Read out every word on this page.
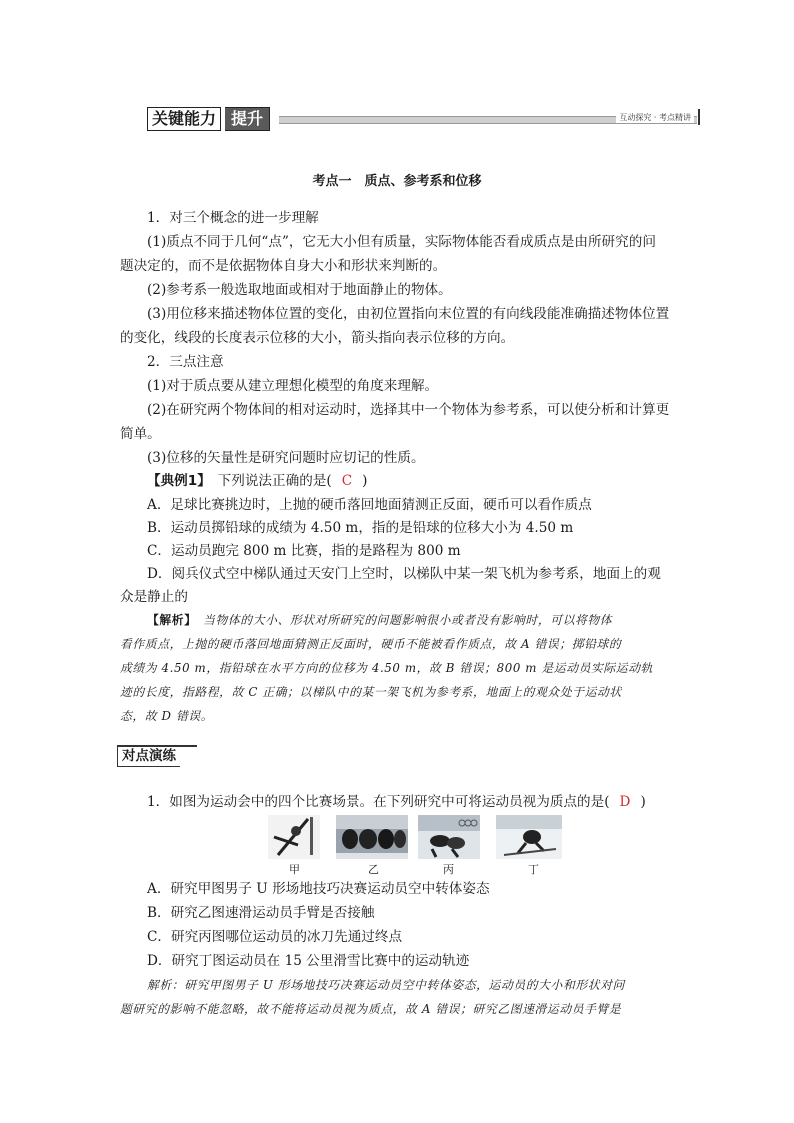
关键能力 提升	互动探究 · 考点精讲
考点一　质点、参考系和位移
1．对三个概念的进一步理解
(1)质点不同于几何“点”，它无大小但有质量，实际物体能否看成质点是由所研究的问
题决定的，而不是依据物体自身大小和形状来判断的。
(2)参考系一般选取地面或相对于地面静止的物体。
(3)用位移来描述物体位置的变化，由初位置指向末位置的有向线段能准确描述物体位置
的变化，线段的长度表示位移的大小，箭头指向表示位移的方向。
2．三点注意
(1)对于质点要从建立理想化模型的角度来理解。
(2)在研究两个物体间的相对运动时，选择其中一个物体为参考系，可以使分析和计算更
简单。
(3)位移的矢量性是研究问题时应切记的性质。
【典例1】　下列说法正确的是( C )
A．足球比赛挑边时，上抛的硬币落回地面猜测正反面，硬币可以看作质点
B．运动员掷铅球的成绩为 4.50 m，指的是铅球的位移大小为 4.50 m
C．运动员跑完 800 m 比赛，指的是路程为 800 m
D．阅兵仪式空中梯队通过天安门上空时，以梯队中某一架飞机为参考系，地面上的观
众是静止的
【解析】　当物体的大小、形状对所研究的问题影响很小或者没有影响时，可以将物体
看作质点，上抛的硬币落回地面猜测正反面时，硬币不能被看作质点，故 A 错误；掷铅球的
成绩为 4.50 m，指铅球在水平方向的位移为 4.50 m，故 B 错误；800 m 是运动员实际运动轨
迹的长度，指路程，故 C 正确；以梯队中的某一架飞机为参考系，地面上的观众处于运动状
态，故 D 错误。
对点演练
1．如图为运动会中的四个比赛场景。在下列研究中可将运动员视为质点的是( D )
甲	乙	丙	丁
A．研究甲图男子 U 形场地技巧决赛运动员空中转体姿态
B．研究乙图速滑运动员手臂是否接触
C．研究丙图哪位运动员的冰刀先通过终点
D．研究丁图运动员在 15 公里滑雪比赛中的运动轨迹
解析：研究甲图男子 U 形场地技巧决赛运动员空中转体姿态，运动员的大小和形状对问
题研究的影响不能忽略，故不能将运动员视为质点，故 A 错误；研究乙图速滑运动员手臂是
